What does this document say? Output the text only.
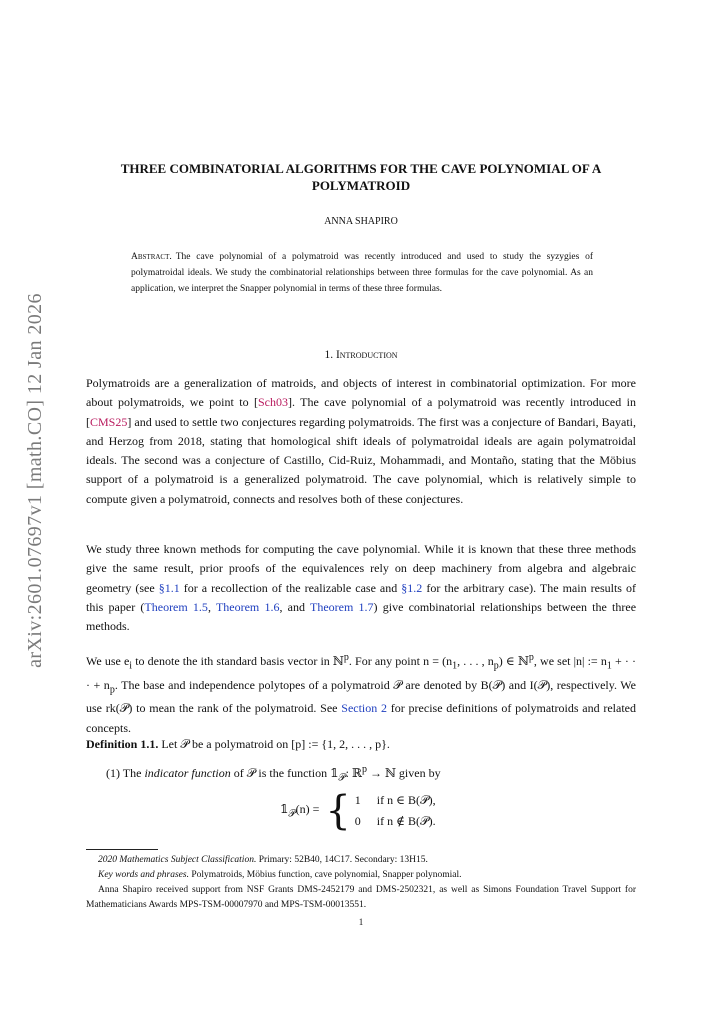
arXiv:2601.07697v1 [math.CO] 12 Jan 2026
THREE COMBINATORIAL ALGORITHMS FOR THE CAVE POLYNOMIAL OF A POLYMATROID
ANNA SHAPIRO
Abstract. The cave polynomial of a polymatroid was recently introduced and used to study the syzygies of polymatroidal ideals. We study the combinatorial relationships between three formulas for the cave polynomial. As an application, we interpret the Snapper polynomial in terms of these three formulas.
1. Introduction
Polymatroids are a generalization of matroids, and objects of interest in combinatorial optimization. For more about polymatroids, we point to [Sch03]. The cave polynomial of a polymatroid was recently introduced in [CMS25] and used to settle two conjectures regarding polymatroids. The first was a conjecture of Bandari, Bayati, and Herzog from 2018, stating that homological shift ideals of polymatroidal ideals are again polymatroidal ideals. The second was a conjecture of Castillo, Cid-Ruiz, Mohammadi, and Montaño, stating that the Möbius support of a polymatroid is a generalized polymatroid. The cave polynomial, which is relatively simple to compute given a polymatroid, connects and resolves both of these conjectures.
We study three known methods for computing the cave polynomial. While it is known that these three methods give the same result, prior proofs of the equivalences rely on deep machinery from algebra and algebraic geometry (see §1.1 for a recollection of the realizable case and §1.2 for the arbitrary case). The main results of this paper (Theorem 1.5, Theorem 1.6, and Theorem 1.7) give combinatorial relationships between the three methods.
We use $e_i$ to denote the ith standard basis vector in ℕ$^p$. For any point $n = (n_1$, . . . , $n_p$) ∈ ℕ$^p$, we set |n| := $n_1$ + · · · + $n_p$. The base and independence polytopes of a polymatroid 𝒫 are denoted by B(𝒫) and I(𝒫), respectively. We use rk(𝒫) to mean the rank of the polymatroid. See Section 2 for precise definitions of polymatroids and related concepts.
Definition 1.1. Let 𝒫 be a polymatroid on [p] := {1, 2, . . . , p}.
(1) The indicator function of 𝒫 is the function $𝟙_𝒫$: ℝ$^p$ → ℕ given by
$𝟙_𝒫(n)$ = { 1	if n ∈ B(𝒫),
0	if n ∉ B(𝒫).
2020 Mathematics Subject Classification. Primary: 52B40, 14C17. Secondary: 13H15.
Key words and phrases. Polymatroids, Möbius function, cave polynomial, Snapper polynomial.
Anna Shapiro received support from NSF Grants DMS-2452179 and DMS-2502321, as well as Simons Foundation Travel Support for Mathematicians Awards MPS-TSM-00007970 and MPS-TSM-00013551.
1
